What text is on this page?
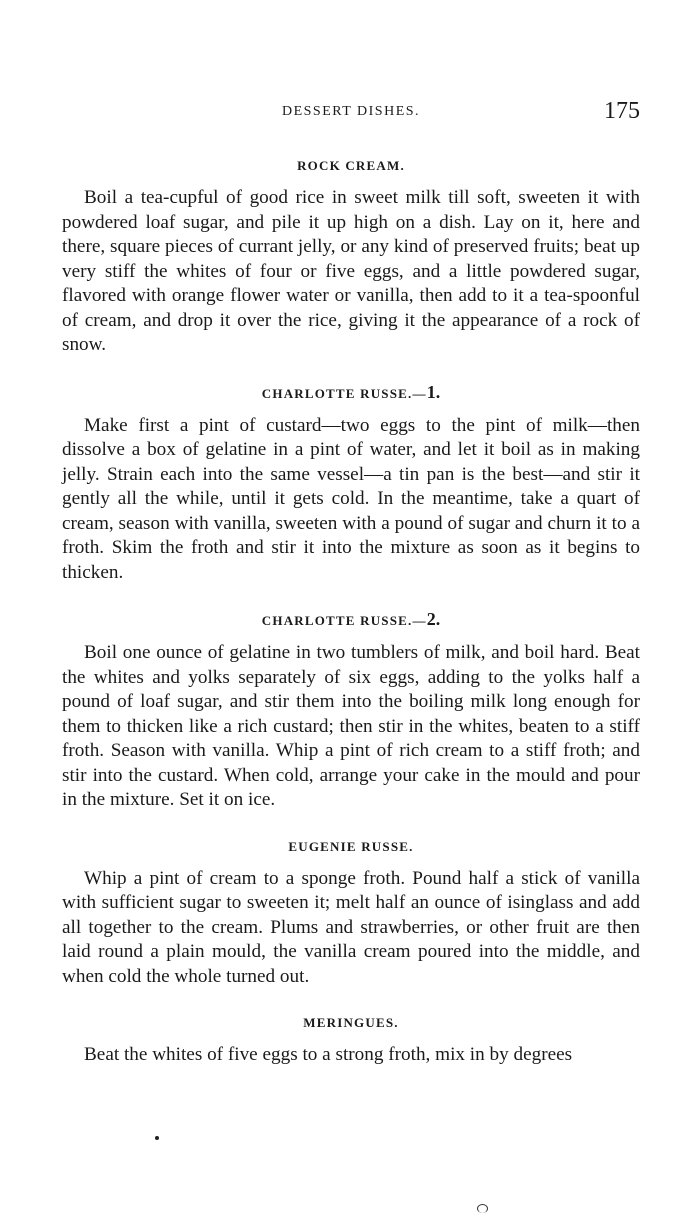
DESSERT DISHES.	175
ROCK CREAM.

Boil a tea-cupful of good rice in sweet milk till soft, sweeten it with powdered loaf sugar, and pile it up high on a dish. Lay on it, here and there, square pieces of currant jelly, or any kind of preserved fruits; beat up very stiff the whites of four or five eggs, and a little powdered sugar, flavored with orange flower water or vanilla, then add to it a tea-spoonful of cream, and drop it over the rice, giving it the appearance of a rock of snow.

CHARLOTTE RUSSE.—1.

Make first a pint of custard—two eggs to the pint of milk—then dissolve a box of gelatine in a pint of water, and let it boil as in making jelly. Strain each into the same vessel—a tin pan is the best—and stir it gently all the while, until it gets cold. In the meantime, take a quart of cream, season with vanilla, sweeten with a pound of sugar and churn it to a froth. Skim the froth and stir it into the mixture as soon as it begins to thicken.

CHARLOTTE RUSSE.—2.

Boil one ounce of gelatine in two tumblers of milk, and boil hard. Beat the whites and yolks separately of six eggs, adding to the yolks half a pound of loaf sugar, and stir them into the boiling milk long enough for them to thicken like a rich custard; then stir in the whites, beaten to a stiff froth. Season with vanilla. Whip a pint of rich cream to a stiff froth; and stir into the custard. When cold, arrange your cake in the mould and pour in the mixture. Set it on ice.

EUGENIE RUSSE.

Whip a pint of cream to a sponge froth. Pound half a stick of vanilla with sufficient sugar to sweeten it; melt half an ounce of isinglass and add all together to the cream. Plums and strawberries, or other fruit are then laid round a plain mould, the vanilla cream poured into the middle, and when cold the whole turned out.

MERINGUES.

Beat the whites of five eggs to a strong froth, mix in by degrees
